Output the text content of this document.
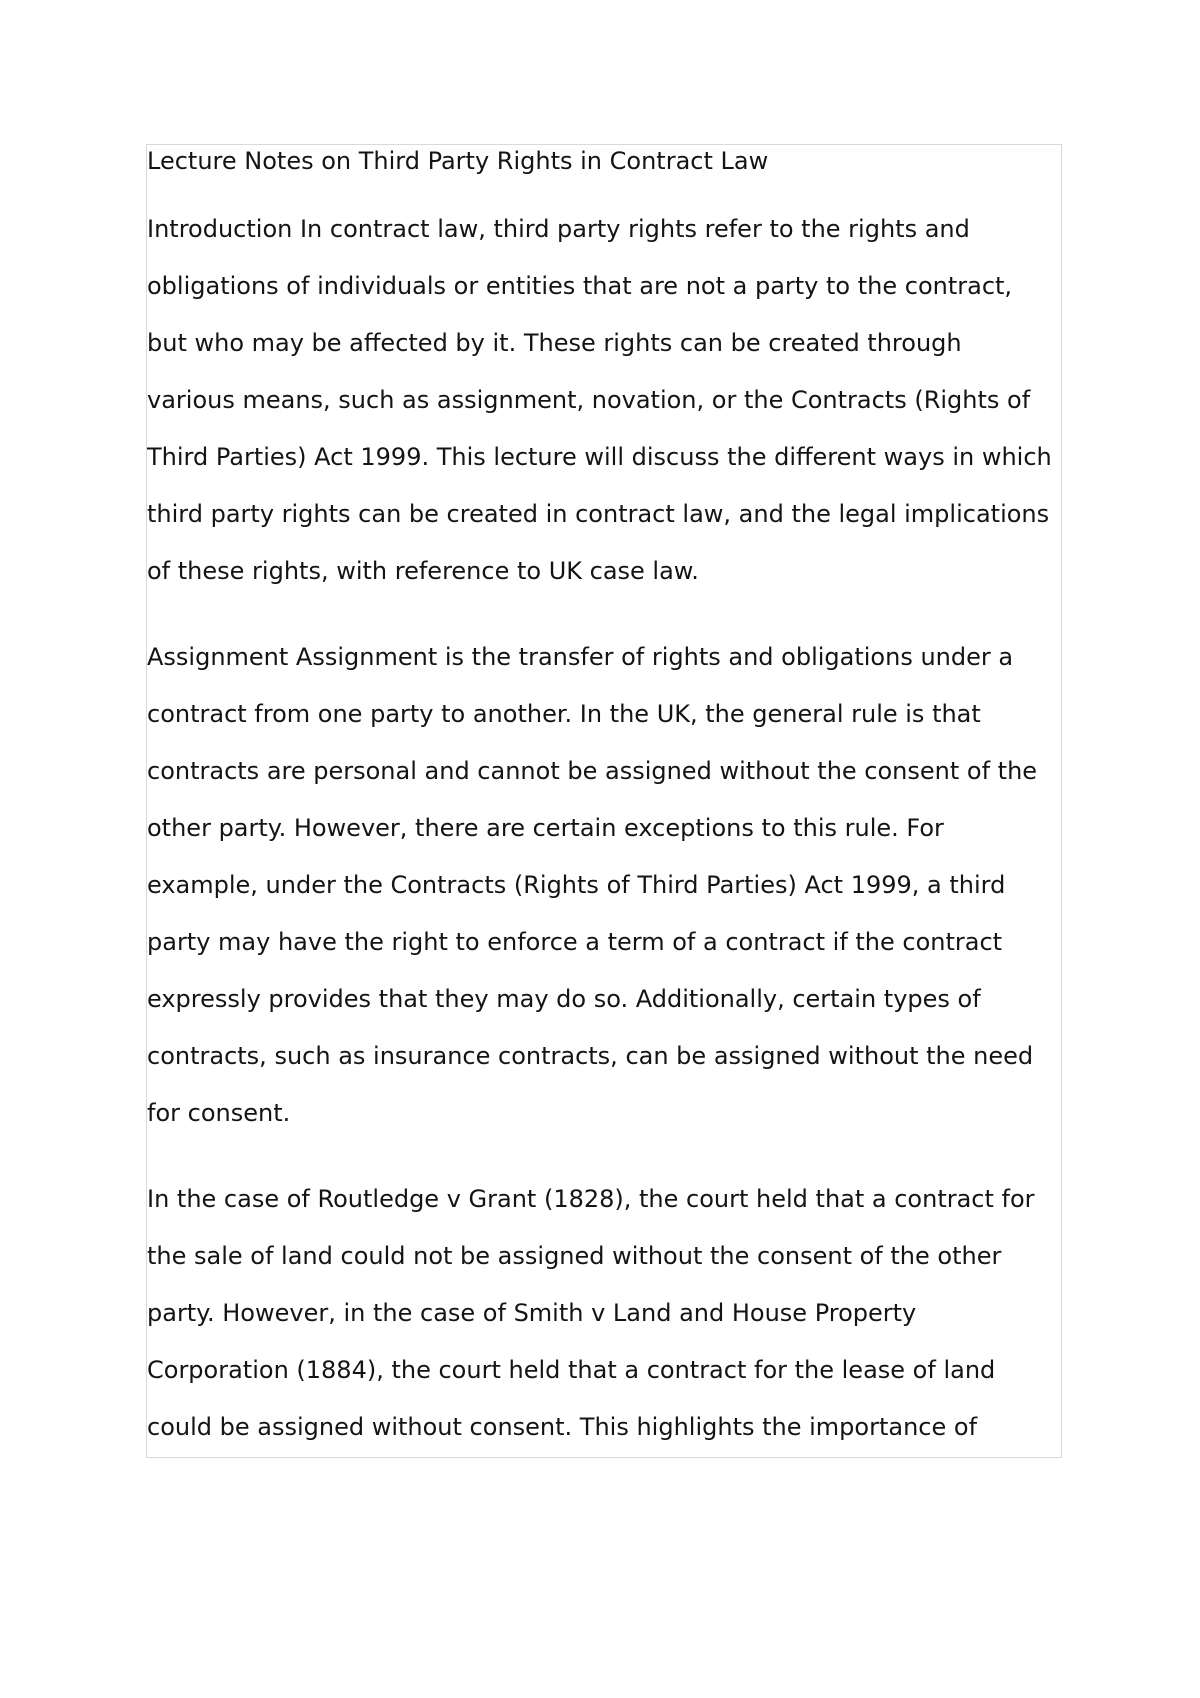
Lecture Notes on Third Party Rights in Contract Law

Introduction In contract law, third party rights refer to the rights and obligations of individuals or entities that are not a party to the contract, but who may be affected by it. These rights can be created through various means, such as assignment, novation, or the Contracts (Rights of Third Parties) Act 1999. This lecture will discuss the different ways in which third party rights can be created in contract law, and the legal implications of these rights, with reference to UK case law.

Assignment Assignment is the transfer of rights and obligations under a contract from one party to another. In the UK, the general rule is that contracts are personal and cannot be assigned without the consent of the other party. However, there are certain exceptions to this rule. For example, under the Contracts (Rights of Third Parties) Act 1999, a third party may have the right to enforce a term of a contract if the contract expressly provides that they may do so. Additionally, certain types of contracts, such as insurance contracts, can be assigned without the need for consent.

In the case of Routledge v Grant (1828), the court held that a contract for the sale of land could not be assigned without the consent of the other party. However, in the case of Smith v Land and House Property Corporation (1884), the court held that a contract for the lease of land could be assigned without consent. This highlights the importance of
